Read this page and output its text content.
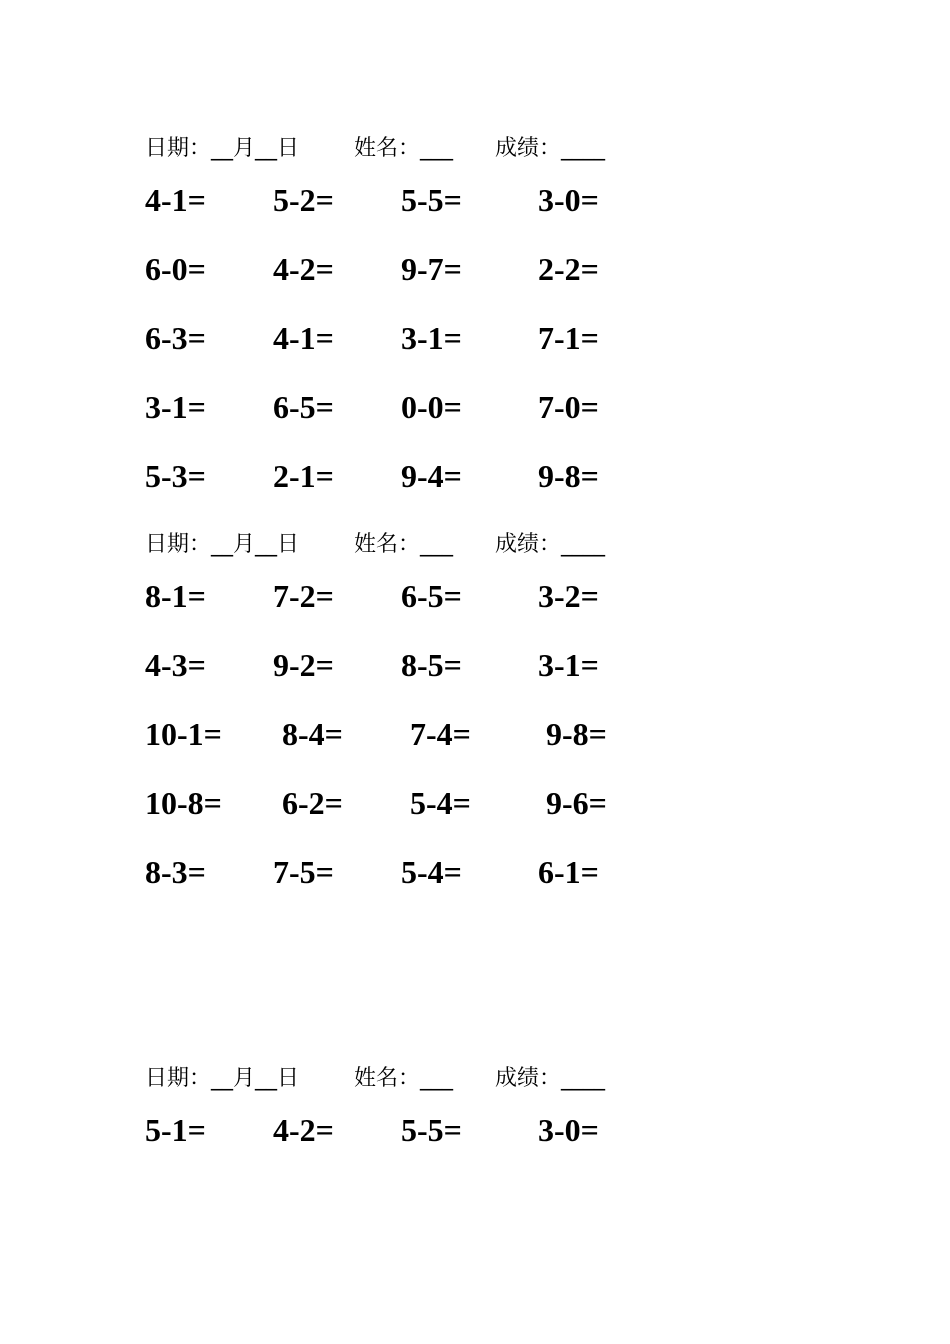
日期：__月__日 姓名：___ 成绩：____
4-1= 5-2= 5-5= 3-0=
6-0= 4-2= 9-7= 2-2=
6-3= 4-1= 3-1= 7-1=
3-1= 6-5= 0-0= 7-0=
5-3= 2-1= 9-4= 9-8=
日期：__月__日 姓名：___ 成绩：____
8-1= 7-2= 6-5= 3-2=
4-3= 9-2= 8-5= 3-1=
10-1= 8-4= 7-4= 9-8=
10-8= 6-2= 5-4= 9-6=
8-3= 7-5= 5-4= 6-1=
日期：__月__日 姓名：___ 成绩：____
5-1= 4-2= 5-5= 3-0=
